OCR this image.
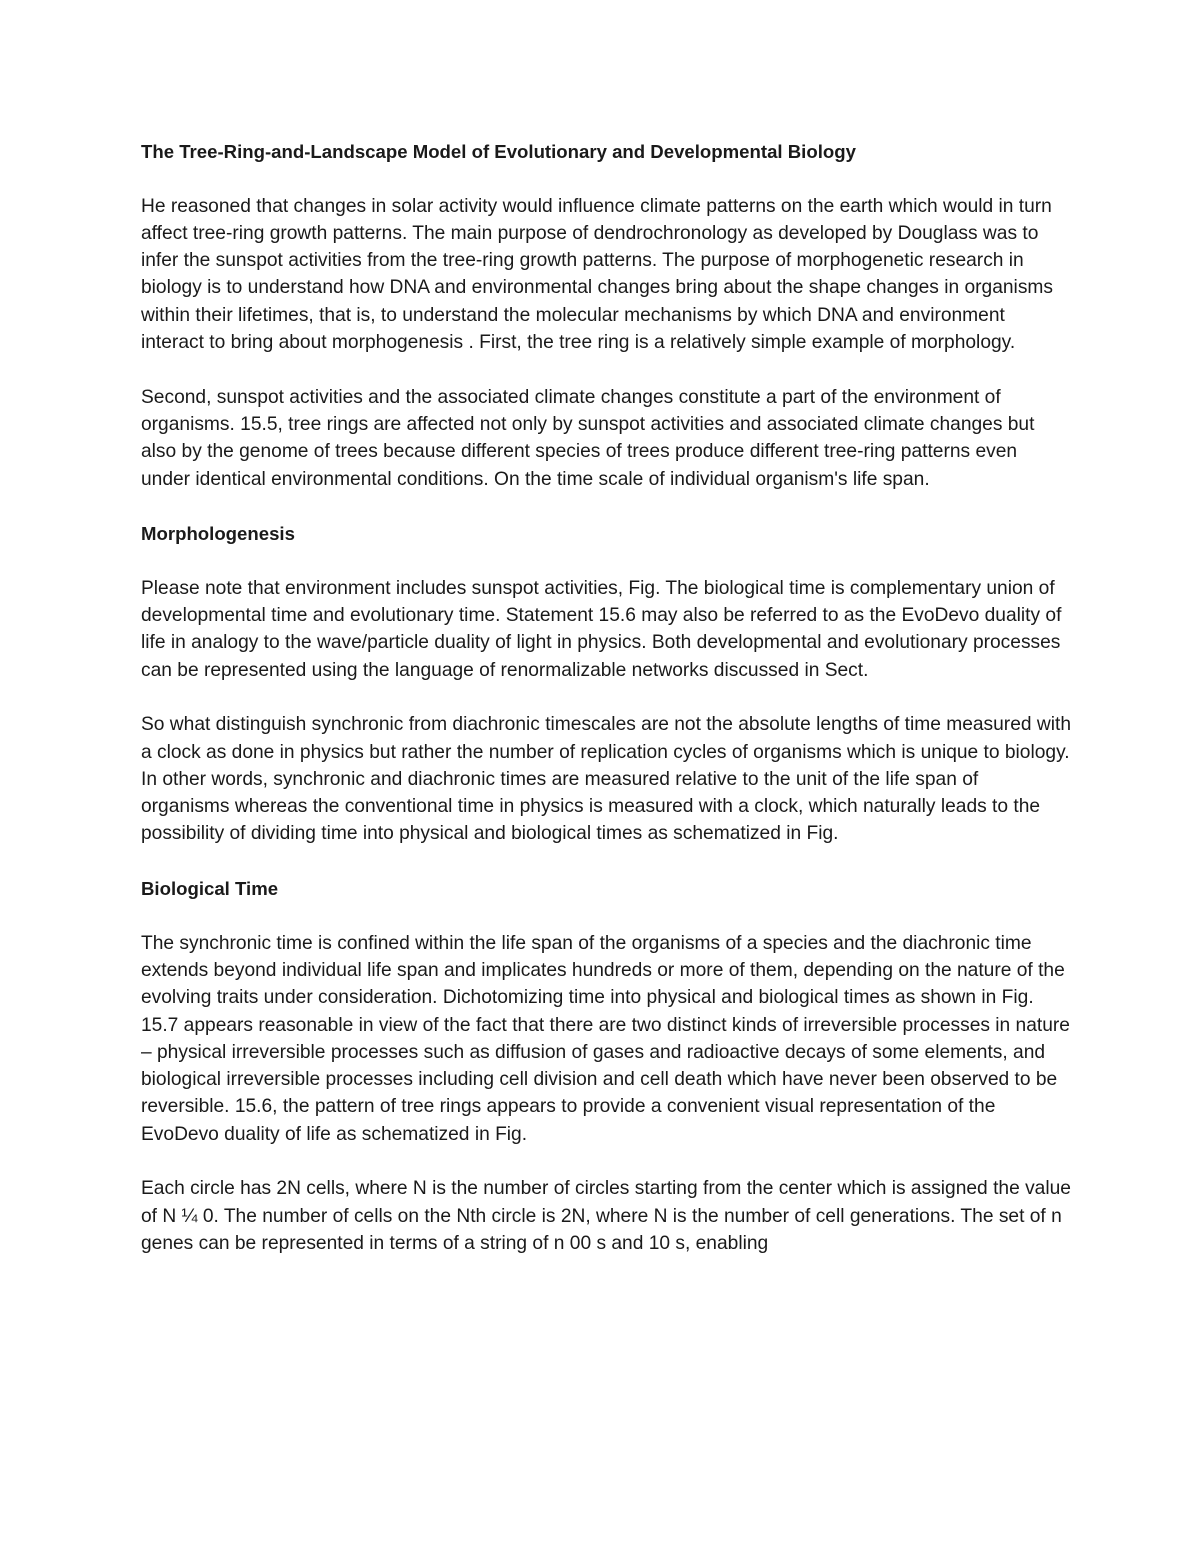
The Tree-Ring-and-Landscape Model of Evolutionary and Developmental Biology

He reasoned that changes in solar activity would influence climate patterns on the earth which would in turn affect tree-ring growth patterns. The main purpose of dendrochronology as developed by Douglass was to infer the sunspot activities from the tree-ring growth patterns. The purpose of morphogenetic research in biology is to understand how DNA and environmental changes bring about the shape changes in organisms within their lifetimes, that is, to understand the molecular mechanisms by which DNA and environment interact to bring about morphogenesis . First, the tree ring is a relatively simple example of morphology.

Second, sunspot activities and the associated climate changes constitute a part of the environment of organisms. 15.5, tree rings are affected not only by sunspot activities and associated climate changes but also by the genome of trees because different species of trees produce different tree-ring patterns even under identical environmental conditions. On the time scale of individual organism's life span.

Morphologenesis

Please note that environment includes sunspot activities, Fig. The biological time is complementary union of developmental time and evolutionary time. Statement 15.6 may also be referred to as the EvoDevo duality of life in analogy to the wave/particle duality of light in physics. Both developmental and evolutionary processes can be represented using the language of renormalizable networks discussed in Sect.

So what distinguish synchronic from diachronic timescales are not the absolute lengths of time measured with a clock as done in physics but rather the number of replication cycles of organisms which is unique to biology. In other words, synchronic and diachronic times are measured relative to the unit of the life span of organisms whereas the conventional time in physics is measured with a clock, which naturally leads to the possibility of dividing time into physical and biological times as schematized in Fig.

Biological Time

The synchronic time is confined within the life span of the organisms of a species and the diachronic time extends beyond individual life span and implicates hundreds or more of them, depending on the nature of the evolving traits under consideration. Dichotomizing time into physical and biological times as shown in Fig. 15.7 appears reasonable in view of the fact that there are two distinct kinds of irreversible processes in nature – physical irreversible processes such as diffusion of gases and radioactive decays of some elements, and biological irreversible processes including cell division and cell death which have never been observed to be reversible. 15.6, the pattern of tree rings appears to provide a convenient visual representation of the EvoDevo duality of life as schematized in Fig.

Each circle has 2N cells, where N is the number of circles starting from the center which is assigned the value of N ¼ 0. The number of cells on the Nth circle is 2N, where N is the number of cell generations. The set of n genes can be represented in terms of a string of n 00 s and 10 s, enabling
